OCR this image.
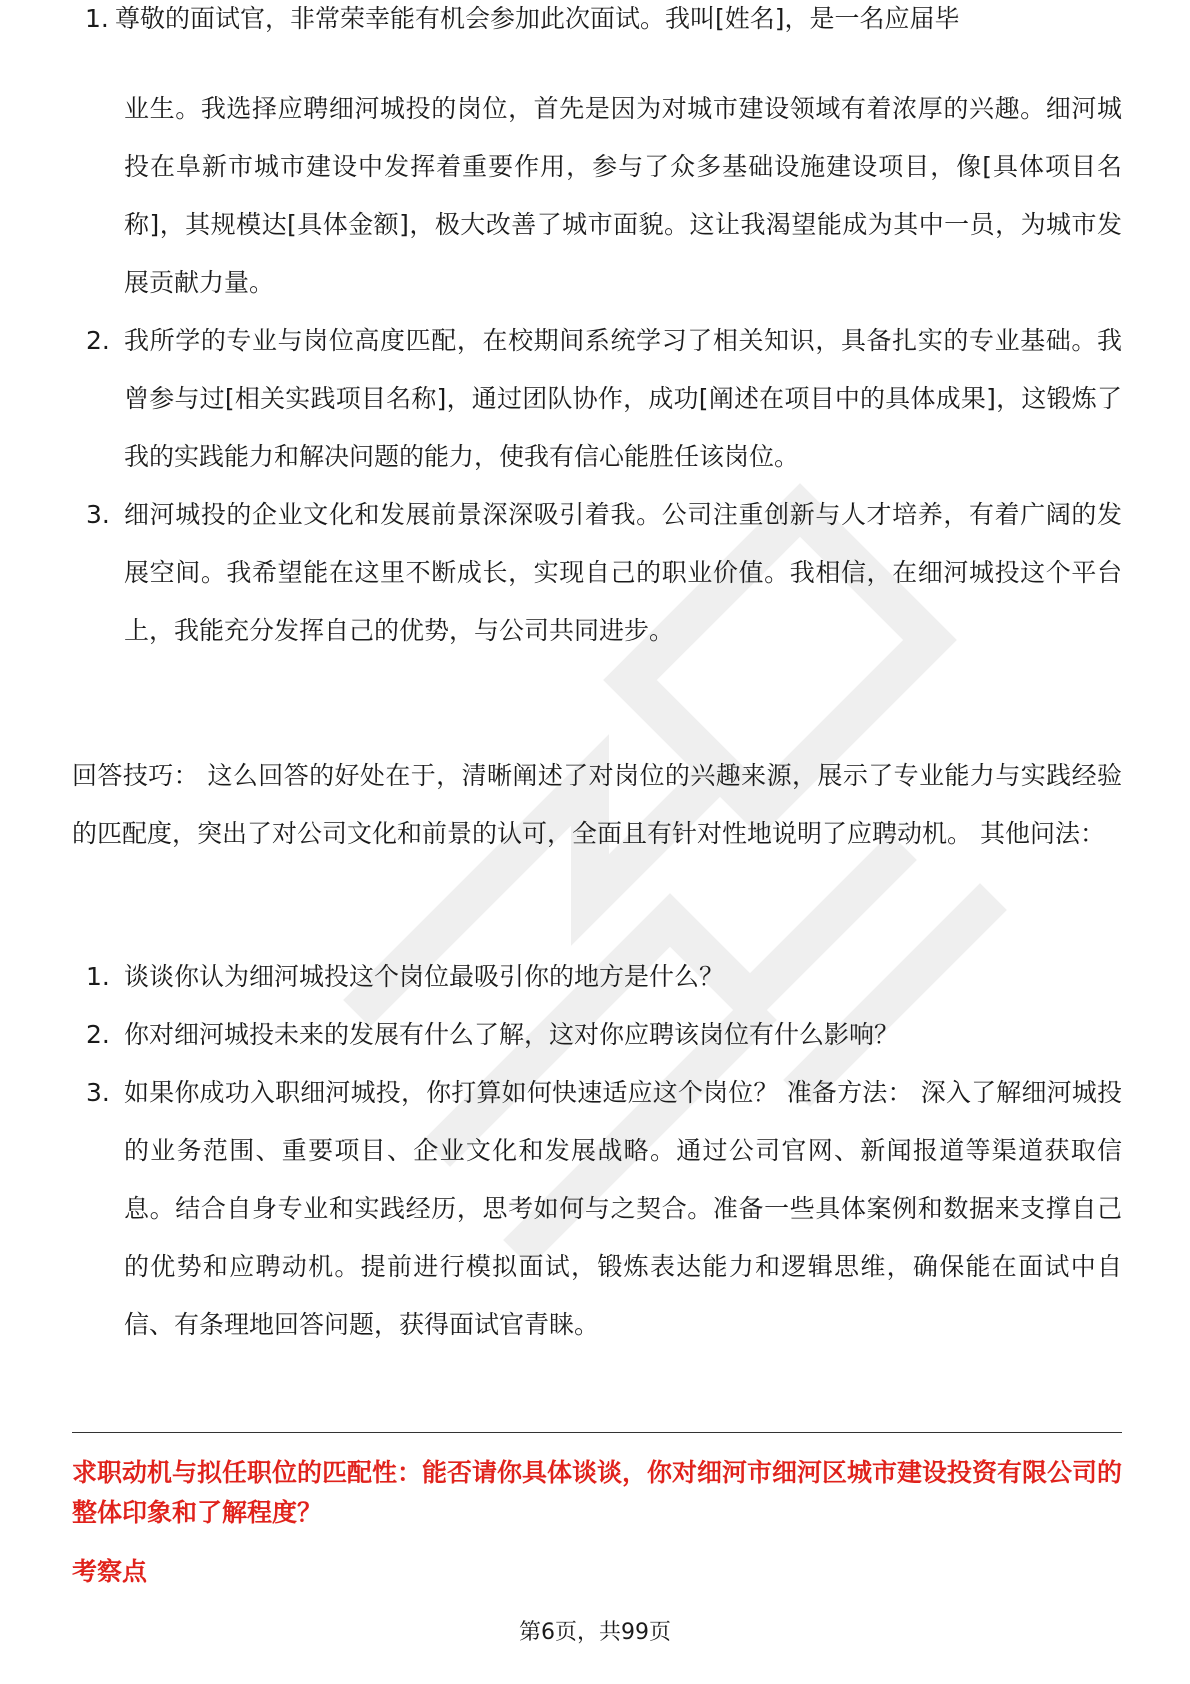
1. 尊敬的面试官，非常荣幸能有机会参加此次面试。我叫[姓名]，是一名应届毕
业生。我选择应聘细河城投的岗位，首先是因为对城市建设领域有着浓厚的兴趣。细河城投在阜新市城市建设中发挥着重要作用，参与了众多基础设施建设项目，像[具体项目名称]，其规模达[具体金额]，极大改善了城市面貌。这让我渴望能成为其中一员，为城市发展贡献力量。
2. 我所学的专业与岗位高度匹配，在校期间系统学习了相关知识，具备扎实的专业基础。我曾参与过[相关实践项目名称]，通过团队协作，成功[阐述在项目中的具体成果]，这锻炼了我的实践能力和解决问题的能力，使我有信心能胜任该岗位。
3. 细河城投的企业文化和发展前景深深吸引着我。公司注重创新与人才培养，有着广阔的发展空间。我希望能在这里不断成长，实现自己的职业价值。我相信，在细河城投这个平台上，我能充分发挥自己的优势，与公司共同进步。

回答技巧： 这么回答的好处在于，清晰阐述了对岗位的兴趣来源，展示了专业能力与实践经验的匹配度，突出了对公司文化和前景的认可，全面且有针对性地说明了应聘动机。 其他问法：

1. 谈谈你认为细河城投这个岗位最吸引你的地方是什么？
2. 你对细河城投未来的发展有什么了解，这对你应聘该岗位有什么影响？
3. 如果你成功入职细河城投，你打算如何快速适应这个岗位？ 准备方法： 深入了解细河城投的业务范围、重要项目、企业文化和发展战略。通过公司官网、新闻报道等渠道获取信息。结合自身专业和实践经历，思考如何与之契合。准备一些具体案例和数据来支撑自己的优势和应聘动机。提前进行模拟面试，锻炼表达能力和逻辑思维，确保能在面试中自信、有条理地回答问题，获得面试官青睐。
求职动机与拟任职位的匹配性：能否请你具体谈谈，你对细河市细河区城市建设投资有限公司的整体印象和了解程度？
考察点
第6页，共99页
